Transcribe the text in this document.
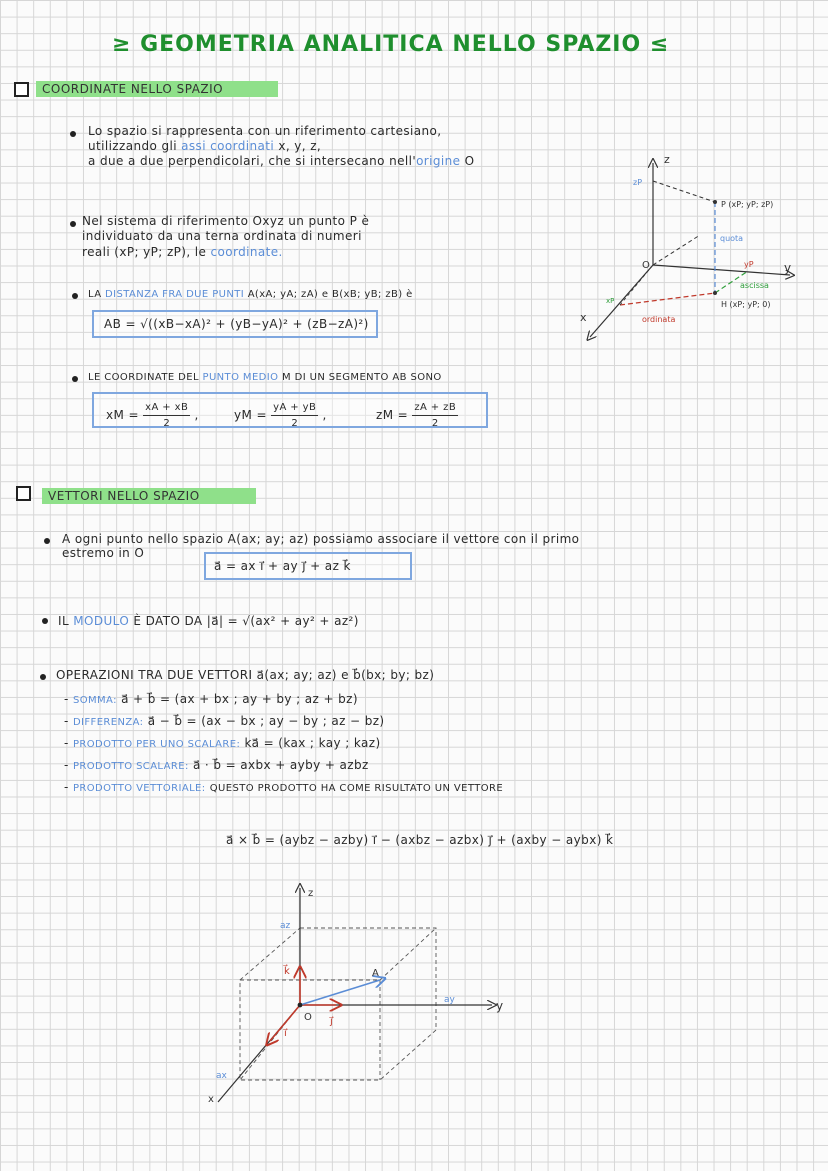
≥ GEOMETRIA ANALITICA NELLO SPAZIO ≤
COORDINATE NELLO SPAZIO
Lo spazio si rappresenta con un riferimento cartesiano,
utilizzando gli assi coordinati x, y, z,
a due a due perpendicolari, che si intersecano nell'origine O
Nel sistema di riferimento Oxyz un punto P è
individuato da una terna ordinata di numeri
reali (xP; yP; zP), le coordinate.
LA DISTANZA FRA DUE PUNTI A(xA; yA; zA) e B(xB; yB; zB) è
AB = √((xB−xA)² + (yB−yA)² + (zB−zA)²)
LE COORDINATE DEL PUNTO MEDIO M DI UN SEGMENTO AB SONO
xM = $\frac{xA + xB}{2}$ ,	yM = $\frac{yA + yB}{2}$ ,	zM = $\frac{zA + zB}{2}$
z
y
x
O
zP
xP
yP
P (xP; yP; zP)
H (xP; yP; 0)
quota
ascissa
ordinata
VETTORI NELLO SPAZIO
A ogni punto nello spazio A(ax; ay; az) possiamo associare il vettore con il primo
estremo in O
a⃗ = ax i⃗ + ay j⃗ + az k⃗
IL MODULO È DATO DA |a⃗| = √(ax² + ay² + az²)
OPERAZIONI TRA DUE VETTORI a⃗(ax; ay; az) e b⃗(bx; by; bz)
- SOMMA: a⃗ + b⃗ = (ax + bx ; ay + by ; az + bz)
- DIFFERENZA: a⃗ − b⃗ = (ax − bx ; ay − by ; az − bz)
- PRODOTTO PER UNO SCALARE: ka⃗ = (kax ; kay ; kaz)
- PRODOTTO SCALARE: a⃗ · b⃗ = axbx + ayby + azbz
- PRODOTTO VETTORIALE: QUESTO PRODOTTO HA COME RISULTATO UN VETTORE
a⃗ × b⃗ = (aybz − azby) i⃗ − (axbz − azbx) j⃗ + (axby − aybx) k⃗
z
y
x
O
A
ax
ay
az
k⃗
j⃗
i⃗
